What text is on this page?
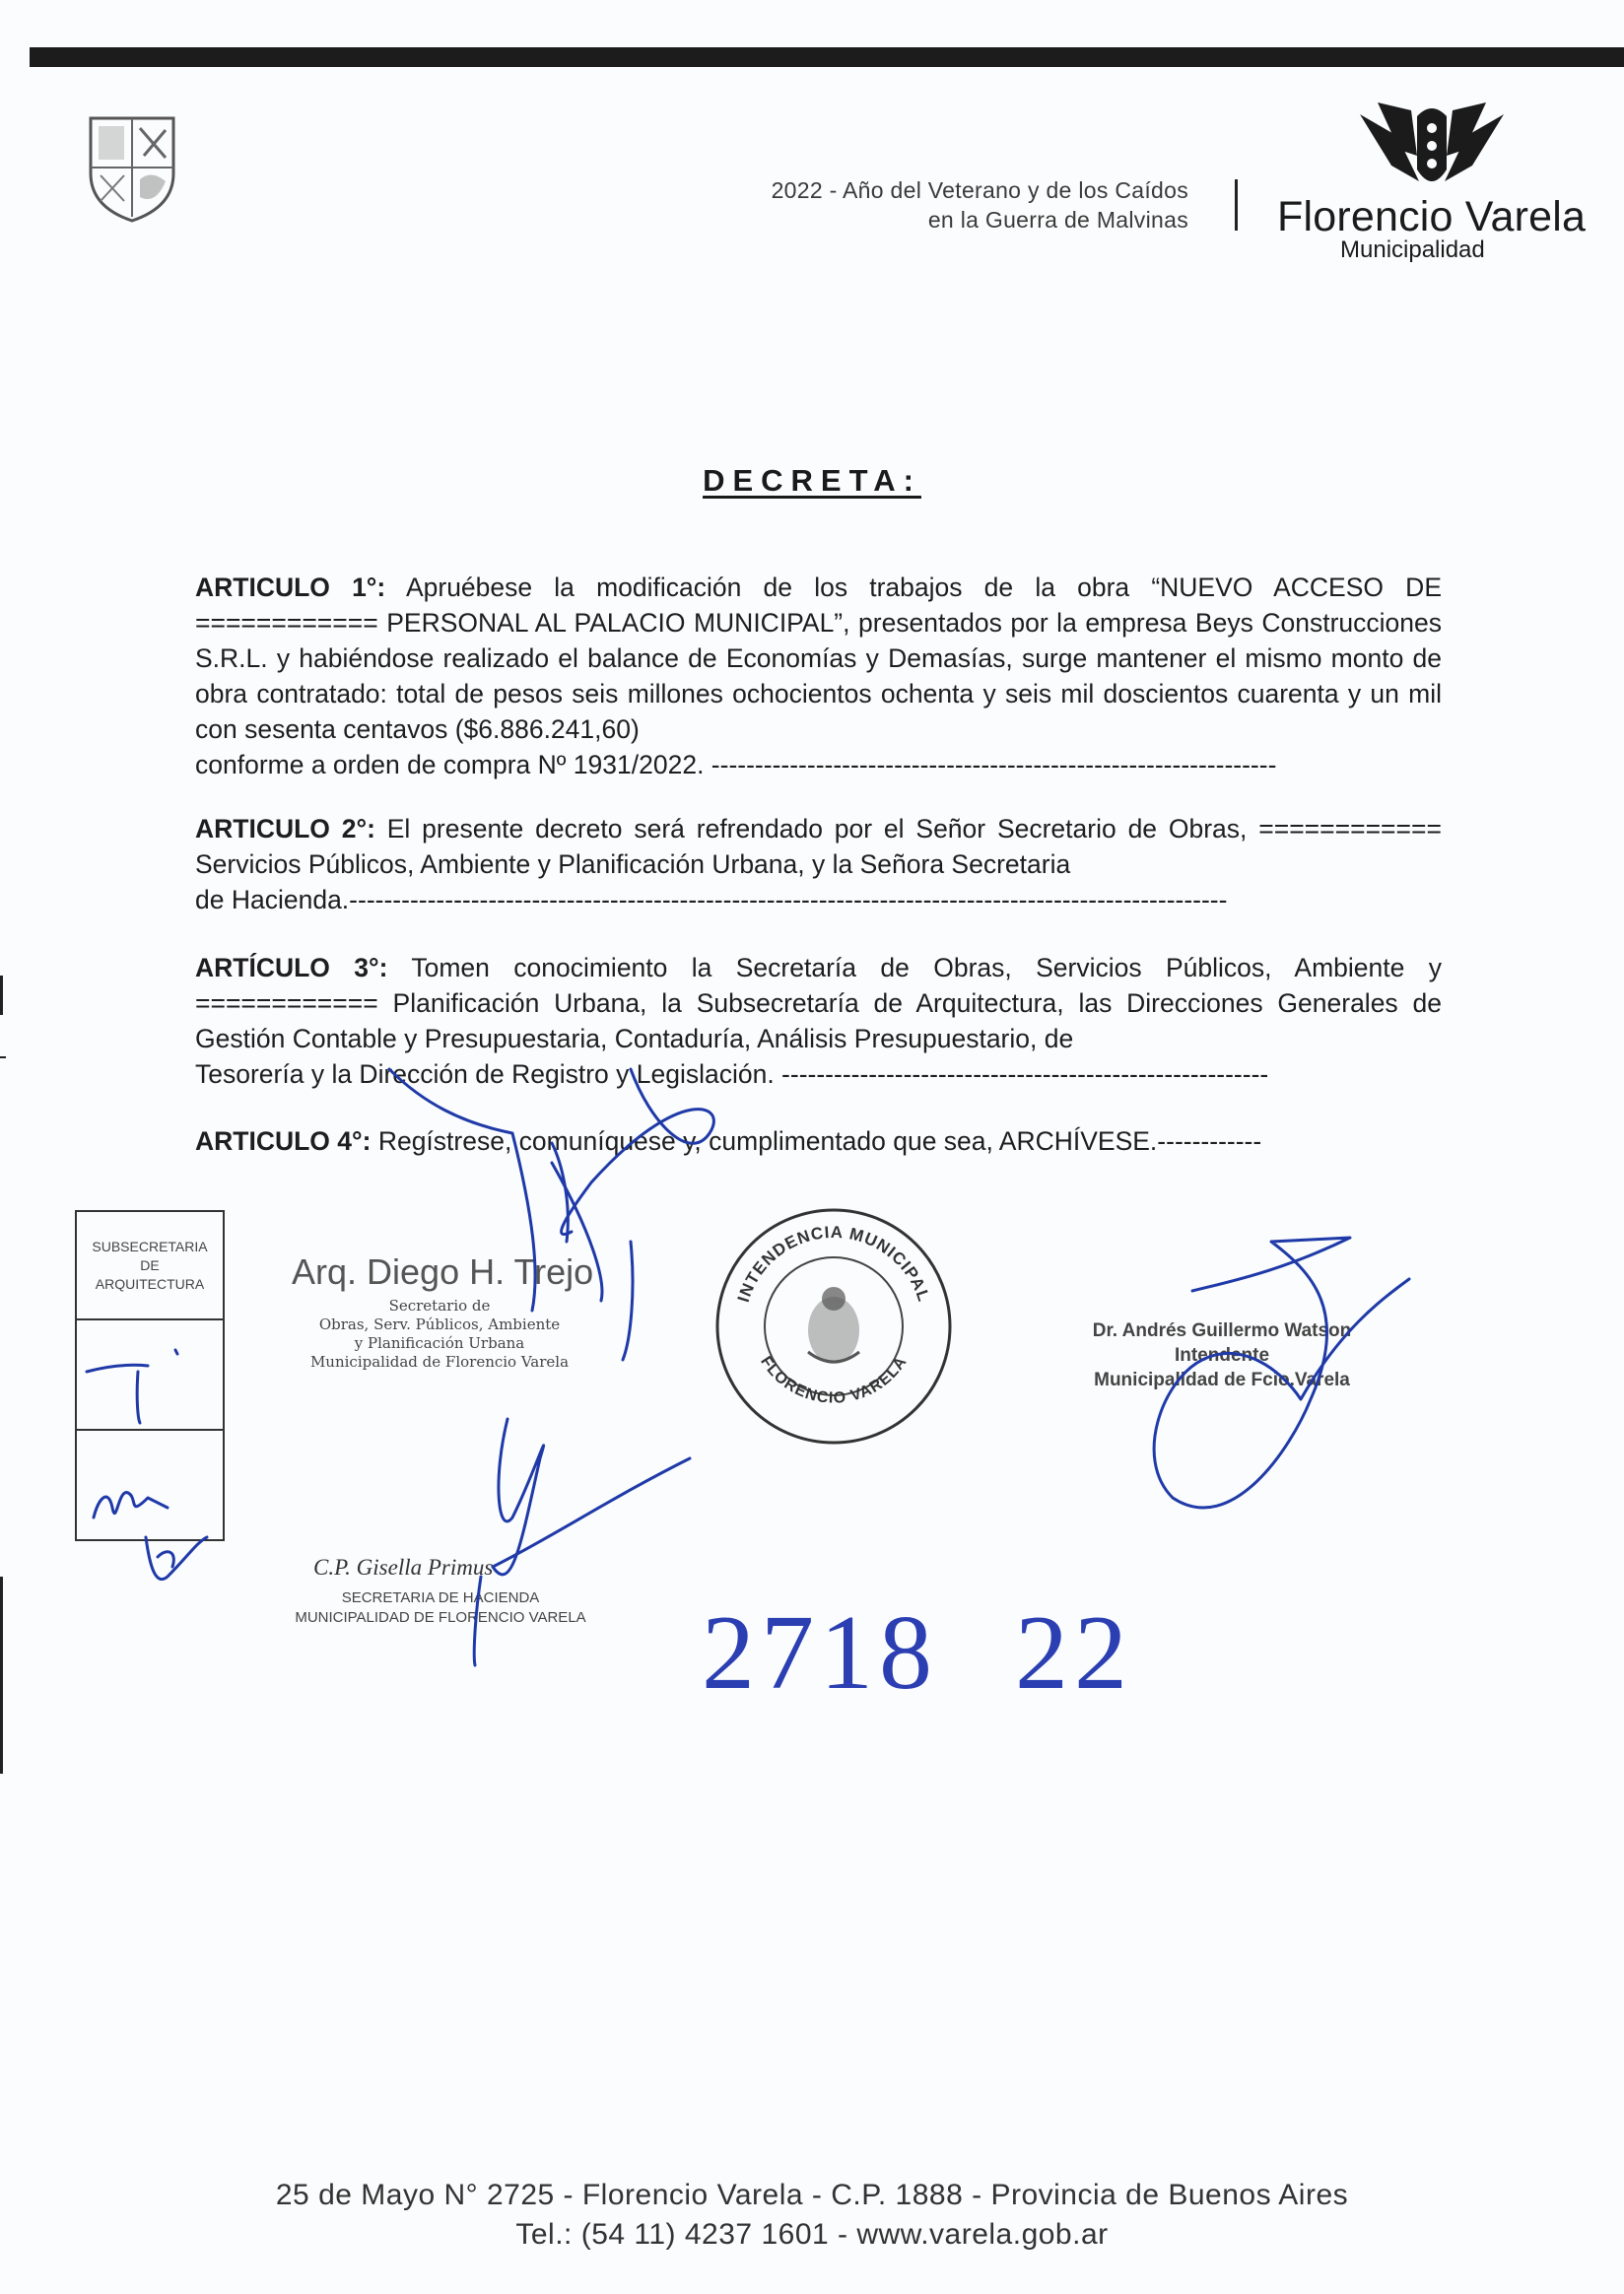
2022 - Año del Veterano y de los Caídos
en la Guerra de Malvinas Florencio Varela
Municipalidad
DECRETA:
ARTICULO 1°: Apruébese la modificación de los trabajos de la obra “NUEVO ACCESO DE ============ PERSONAL AL PALACIO MUNICIPAL”, presentados por la empresa Beys Construcciones S.R.L. y habiéndose realizado el balance de Economías y Demasías, surge mantener el mismo monto de obra contratado: total de pesos seis millones ochocientos ochenta y seis mil doscientos cuarenta y un mil con sesenta centavos ($6.886.241,60)
conforme a orden de compra Nº 1931/2022. -----------------------------------------------------------------
ARTICULO 2°: El presente decreto será refrendado por el Señor Secretario de Obras, ============ Servicios Públicos, Ambiente y Planificación Urbana, y la Señora Secretaria
de Hacienda.-----------------------------------------------------------------------------------------------------
ARTÍCULO 3°: Tomen conocimiento la Secretaría de Obras, Servicios Públicos, Ambiente y ============ Planificación Urbana, la Subsecretaría de Arquitectura, las Direcciones Generales de Gestión Contable y Presupuestaria, Contaduría, Análisis Presupuestario, de
Tesorería y la Dirección de Registro y Legislación. --------------------------------------------------------
ARTICULO 4°: Regístrese, comuníquese y, cumplimentado que sea, ARCHÍVESE.------------
SUBSECRETARIA
DE
ARQUITECTURA	Arq. Diego H. Trejo
Secretario de
Obras, Serv. Públicos, Ambiente
y Planificación Urbana
Municipalidad de Florencio Varela
C.P. Gisella Primus
SECRETARIA DE HACIENDA
MUNICIPALIDAD DE FLORENCIO VARELA
INTENDENCIA MUNICIPAL
FLORENCIO VARELA
Dr. Andrés Guillermo Watson
Intendente
Municipalidad de Fcio.Varela
2718 22
25 de Mayo N° 2725 - Florencio Varela - C.P. 1888 - Provincia de Buenos Aires
Tel.: (54 11) 4237 1601 - www.varela.gob.ar
